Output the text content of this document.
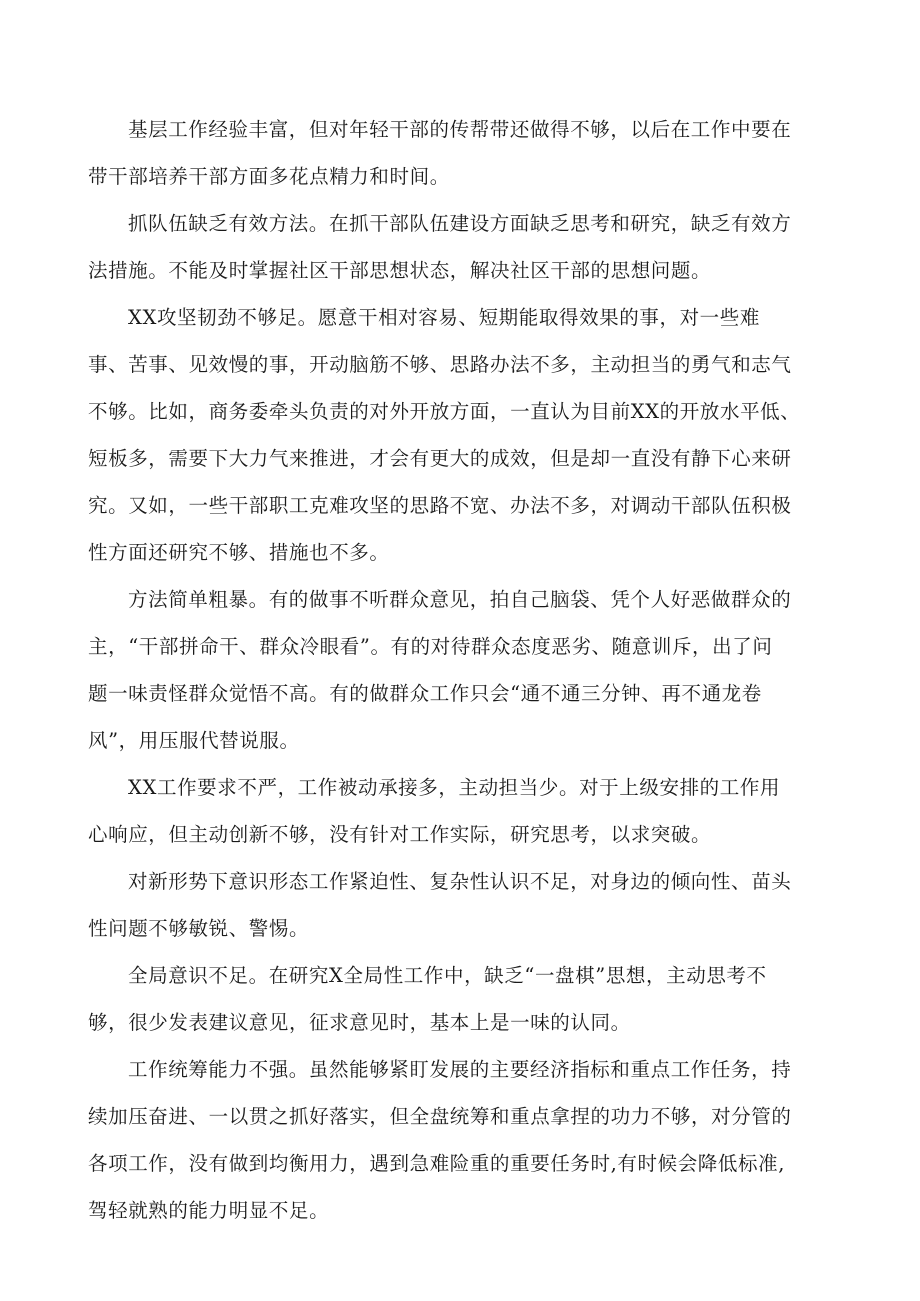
基层工作经验丰富，但对年轻干部的传帮带还做得不够，以后在工作中要在
带干部培养干部方面多花点精力和时间。
抓队伍缺乏有效方法。在抓干部队伍建设方面缺乏思考和研究，缺乏有效方
法措施。不能及时掌握社区干部思想状态，解决社区干部的思想问题。
XX攻坚韧劲不够足。愿意干相对容易、短期能取得效果的事，对一些难
事、苦事、见效慢的事，开动脑筋不够、思路办法不多，主动担当的勇气和志气
不够。比如，商务委牵头负责的对外开放方面，一直认为目前XX的开放水平低、
短板多，需要下大力气来推进，才会有更大的成效，但是却一直没有静下心来研
究。又如，一些干部职工克难攻坚的思路不宽、办法不多，对调动干部队伍积极
性方面还研究不够、措施也不多。
方法简单粗暴。有的做事不听群众意见，拍自己脑袋、凭个人好恶做群众的
主，“干部拼命干、群众冷眼看”。有的对待群众态度恶劣、随意训斥，出了问
题一味责怪群众觉悟不高。有的做群众工作只会“通不通三分钟、再不通龙卷
风”，用压服代替说服。
XX工作要求不严，工作被动承接多，主动担当少。对于上级安排的工作用
心响应，但主动创新不够，没有针对工作实际，研究思考，以求突破。
对新形势下意识形态工作紧迫性、复杂性认识不足，对身边的倾向性、苗头
性问题不够敏锐、警惕。
全局意识不足。在研究X全局性工作中，缺乏“一盘棋”思想，主动思考不
够，很少发表建议意见，征求意见时，基本上是一味的认同。
工作统筹能力不强。虽然能够紧盯发展的主要经济指标和重点工作任务，持
续加压奋进、一以贯之抓好落实，但全盘统筹和重点拿捏的功力不够，对分管的
各项工作，没有做到均衡用力，遇到急难险重的重要任务时,有时候会降低标准,
驾轻就熟的能力明显不足。
